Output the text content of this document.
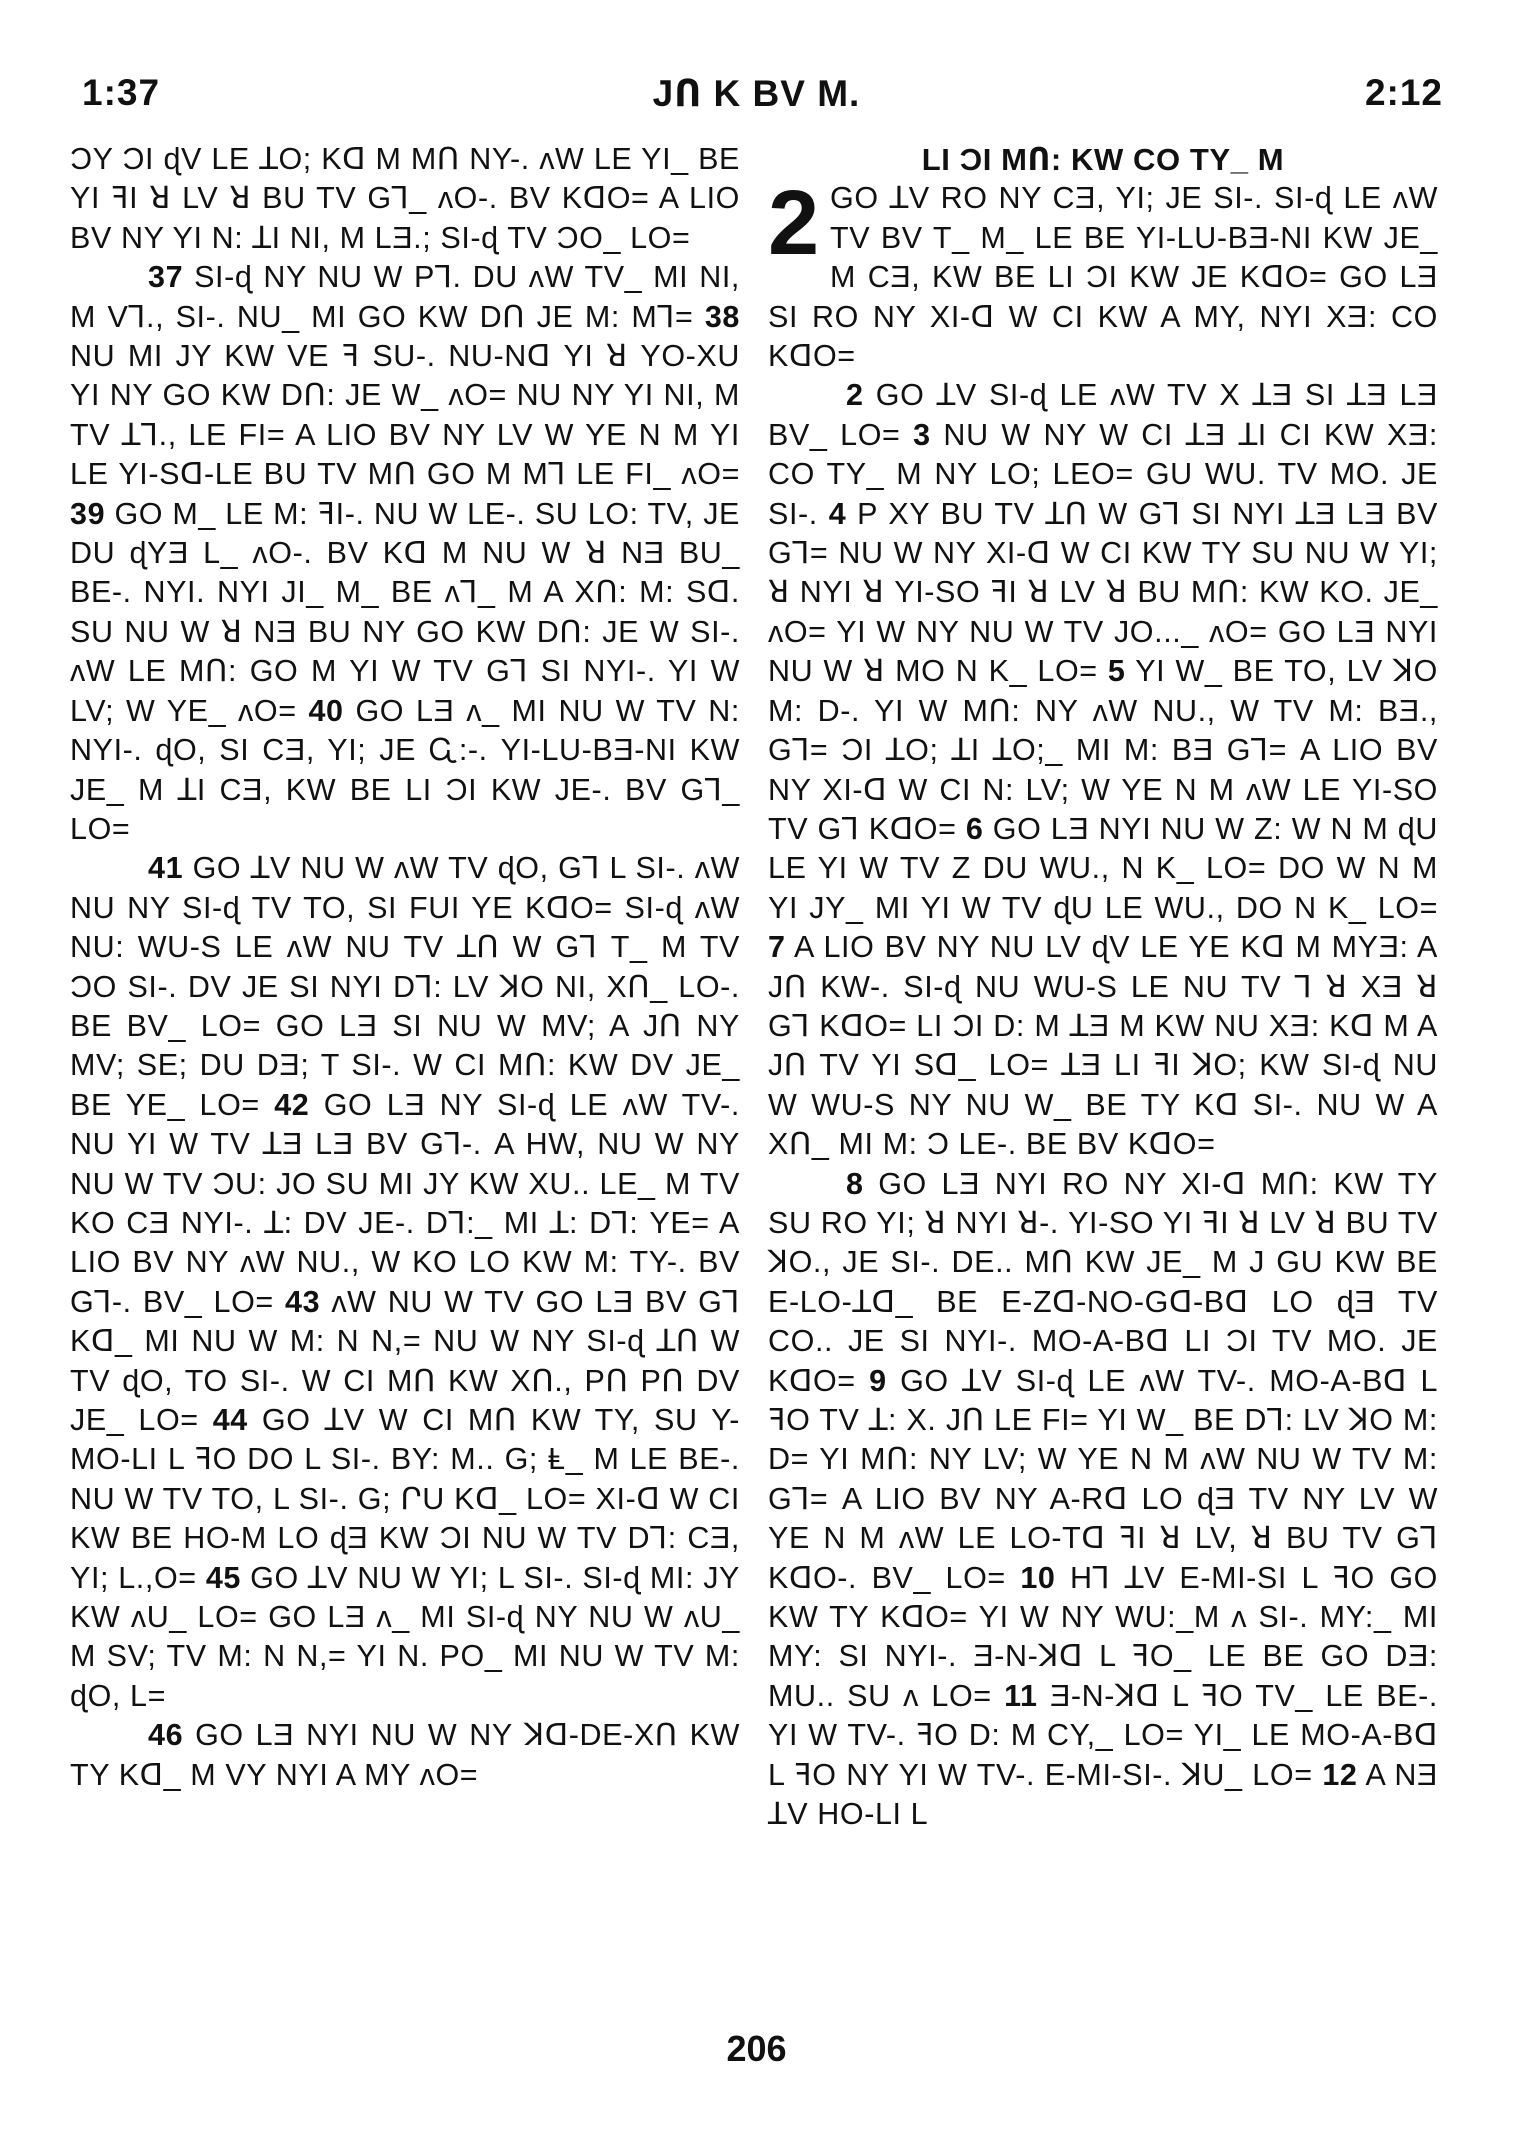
1:37	JՈ K BV M.	2:12

ƆY ƆI ɖV LE ꓕO; Kꓷ M MՈ NY-. ʌW LE YI_ BE YI ꟻI ꓤ LV ꓤ BU TV Gꓶ_ ʌO-. BV KꓷO= A LIO BV NY YI N: ꓕI NI, M LƎ.; SI-ɖ TV ƆO_ LO=

37 SI-ɖ NY NU W Pꓶ. DU ʌW TV_ MI NI, M Vꓶ., SI-. NU_ MI GO KW DՈ JE M: Mꓶ= 38 NU MI JY KW VE ꟻ SU-. NU-Nꓷ YI ꓤ YO-XU YI NY GO KW DՈ: JE W_ ʌO= NU NY YI NI, M TV ꓕꓶ., LE FI= A LIO BV NY LV W YE N M YI LE YI-Sꓷ-LE BU TV MՈ GO M Mꓶ LE FI_ ʌO= 39 GO M_ LE M: ꟻI-. NU W LE-. SU LO: TV, JE DU ɖYƎ L_ ʌO-. BV Kꓷ M NU W ꓤ NƎ BU_ BE-. NYI. NYI JI_ M_ BE ʌꓶ_ M A XՈ: M: Sꓷ. SU NU W ꓤ NƎ BU NY GO KW DՈ: JE W SI-. ʌW LE MՈ: GO M YI W TV Gꓶ SI NYI-. YI W LV; W YE_ ʌO= 40 GO LƎ ʌ_ MI NU W TV N: NYI-. ɖO, SI CƎ, YI; JE Ꮹ:-. YI-LU-BƎ-NI KW JE_ M ꓕI CƎ, KW BE LI ƆI KW JE-. BV Gꓶ_ LO=

41 GO ꓕV NU W ʌW TV ɖO, Gꓶ L SI-. ʌW NU NY SI-ɖ TV TO, SI FUI YE KꓷO= SI-ɖ ʌW NU: WU-S LE ʌW NU TV ꓕՈ W Gꓶ T_ M TV ƆO SI-. DV JE SI NYI Dꓶ: LV ꓘO NI, XՈ_ LO-. BE BV_ LO= GO LƎ SI NU W MV; A JՈ NY MV; SE; DU DƎ; T SI-. W CI MՈ: KW DV JE_ BE YE_ LO= 42 GO LƎ NY SI-ɖ LE ʌW TV-. NU YI W TV ꓕƎ LƎ BV Gꓶ-. A HW, NU W NY NU W TV ƆU: JO SU MI JY KW XU.. LE_ M TV KO CƎ NYI-. ꓕ: DV JE-. Dꓶ:_ MI ꓕ: Dꓶ: YE= A LIO BV NY ʌW NU., W KO LO KW M: TY-. BV Gꓶ-. BV_ LO= 43 ʌW NU W TV GO LƎ BV Gꓶ Kꓷ_ MI NU W M: N N,= NU W NY SI-ɖ ꓕՈ W TV ɖO, TO SI-. W CI MՈ KW XՈ., PՈ PՈ DV JE_ LO= 44 GO ꓕV W CI MՈ KW TY, SU Y-MO-LI L ꟻO DO L SI-. BY: M.. G; Ⱡ_ M LE BE-. NU W TV TO, L SI-. G; ՐU Kꓷ_ LO= XI-ꓷ W CI KW BE HO-M LO ɖƎ KW ƆI NU W TV Dꓶ: CƎ, YI; L.,O= 45 GO ꓕV NU W YI; L SI-. SI-ɖ MI: JY KW ʌU_ LO= GO LƎ ʌ_ MI SI-ɖ NY NU W ʌU_ M SV; TV M: N N,= YI N. PO_ MI NU W TV M: ɖO, L=

46 GO LƎ NYI NU W NY ꓘꓷ-DE-XՈ KW TY Kꓷ_ M VY NYI A MY ʌO=

LI ƆI MՈ: KW CO TY_ M

2 GO ꓕV RO NY CƎ, YI; JE SI-. SI-ɖ LE ʌW TV BV T_ M_ LE BE YI-LU-BƎ-NI KW JE_ M CƎ, KW BE LI ƆI KW JE KꓷO= GO LƎ SI RO NY XI-ꓷ W CI KW A MY, NYI XƎ: CO KꓷO=

2 GO ꓕV SI-ɖ LE ʌW TV X ꓕƎ SI ꓕƎ LƎ BV_ LO= 3 NU W NY W CI ꓕƎ ꓕI CI KW XƎ: CO TY_ M NY LO; LEO= GU WU. TV MO. JE SI-. 4 P XY BU TV ꓕՈ W Gꓶ SI NYI ꓕƎ LƎ BV Gꓶ= NU W NY XI-ꓷ W CI KW TY SU NU W YI; ꓤ NYI ꓤ YI-SO ꟻI ꓤ LV ꓤ BU MՈ: KW KO. JE_ ʌO= YI W NY NU W TV JO..._ ʌO= GO LƎ NYI NU W ꓤ MO N K_ LO= 5 YI W_ BE TO, LV ꓘO M: D-. YI W MՈ: NY ʌW NU., W TV M: BƎ., Gꓶ= ƆI ꓕO; ꓕI ꓕO;_ MI M: BƎ Gꓶ= A LIO BV NY XI-ꓷ W CI N: LV; W YE N M ʌW LE YI-SO TV Gꓶ KꓷO= 6 GO LƎ NYI NU W Z: W N M ɖU LE YI W TV Z DU WU., N K_ LO= DO W N M YI JY_ MI YI W TV ɖU LE WU., DO N K_ LO= 7 A LIO BV NY NU LV ɖV LE YE Kꓷ M MYƎ: A JՈ KW-. SI-ɖ NU WU-S LE NU TV ꓶ ꓤ XƎ ꓤ Gꓶ KꓷO= LI ƆI D: M ꓕƎ M KW NU XƎ: Kꓷ M A JՈ TV YI Sꓷ_ LO= ꓕƎ LI ꟻI ꓘO; KW SI-ɖ NU W WU-S NY NU W_ BE TY Kꓷ SI-. NU W A XՈ_ MI M: Ɔ LE-. BE BV KꓷO=

8 GO LƎ NYI RO NY XI-ꓷ MՈ: KW TY SU RO YI; ꓤ NYI ꓤ-. YI-SO YI ꟻI ꓤ LV ꓤ BU TV ꓘO., JE SI-. DE.. MՈ KW JE_ M J GU KW BE E-LO-ꓕꓷ_ BE E-Zꓷ-NO-Gꓷ-Bꓷ LO ɖƎ TV CO.. JE SI NYI-. MO-A-Bꓷ LI ƆI TV MO. JE KꓷO= 9 GO ꓕV SI-ɖ LE ʌW TV-. MO-A-Bꓷ L ꟻO TV ꓕ: X. JՈ LE FI= YI W_ BE Dꓶ: LV ꓘO M: D= YI MՈ: NY LV; W YE N M ʌW NU W TV M: Gꓶ= A LIO BV NY A-Rꓷ LO ɖƎ TV NY LV W YE N M ʌW LE LO-Tꓷ ꟻI ꓤ LV, ꓤ BU TV Gꓶ KꓷO-. BV_ LO= 10 Hꓶ ꓕV E-MI-SI L ꟻO GO KW TY KꓷO= YI W NY WU:_M ʌ SI-. MY:_ MI MY: SI NYI-. Ǝ-N-ꓘꓷ L ꟻO_ LE BE GO DƎ: MU.. SU ʌ LO= 11 Ǝ-N-ꓘꓷ L ꟻO TV_ LE BE-. YI W TV-. ꟻO D: M CY,_ LO= YI_ LE MO-A-Bꓷ L ꟻO NY YI W TV-. E-MI-SI-. ꓘU_ LO= 12 A NƎ ꓕV HO-LI L

206
